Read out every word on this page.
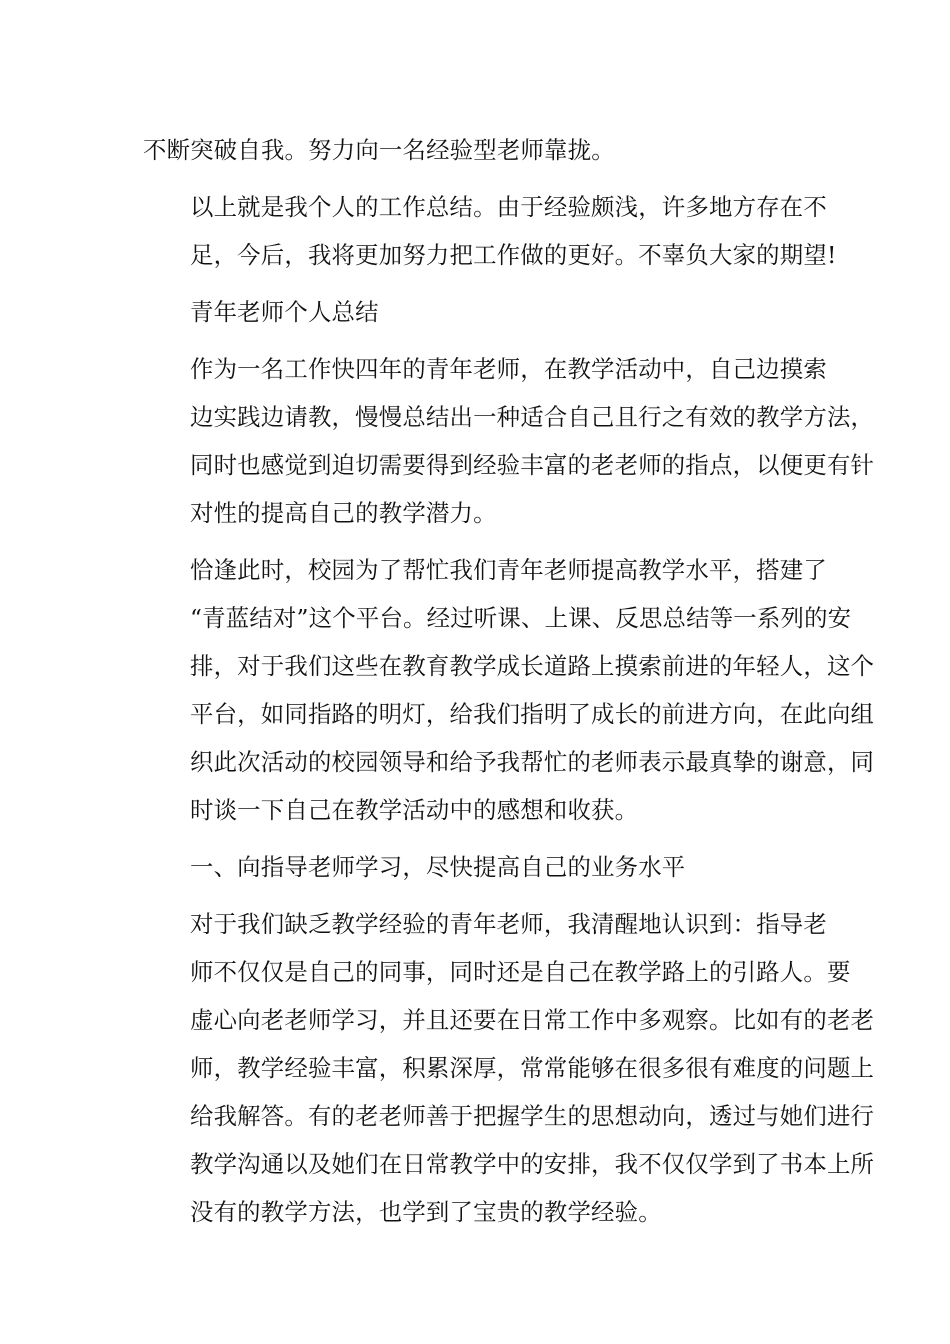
不断突破自我。努力向一名经验型老师靠拢。
以上就是我个人的工作总结。由于经验颇浅，许多地方存在不
足，今后，我将更加努力把工作做的更好。不辜负大家的期望!
青年老师个人总结
作为一名工作快四年的青年老师，在教学活动中，自己边摸索
边实践边请教，慢慢总结出一种适合自己且行之有效的教学方法，
同时也感觉到迫切需要得到经验丰富的老老师的指点，以便更有针
对性的提高自己的教学潜力。
恰逢此时，校园为了帮忙我们青年老师提高教学水平，搭建了
“青蓝结对”这个平台。经过听课、上课、反思总结等一系列的安
排，对于我们这些在教育教学成长道路上摸索前进的年轻人，这个
平台，如同指路的明灯，给我们指明了成长的前进方向，在此向组
织此次活动的校园领导和给予我帮忙的老师表示最真挚的谢意，同
时谈一下自己在教学活动中的感想和收获。
一、向指导老师学习，尽快提高自己的业务水平
对于我们缺乏教学经验的青年老师，我清醒地认识到：指导老
师不仅仅是自己的同事，同时还是自己在教学路上的引路人。要
虚心向老老师学习，并且还要在日常工作中多观察。比如有的老老
师，教学经验丰富，积累深厚，常常能够在很多很有难度的问题上
给我解答。有的老老师善于把握学生的思想动向，透过与她们进行
教学沟通以及她们在日常教学中的安排，我不仅仅学到了书本上所
没有的教学方法，也学到了宝贵的教学经验。
